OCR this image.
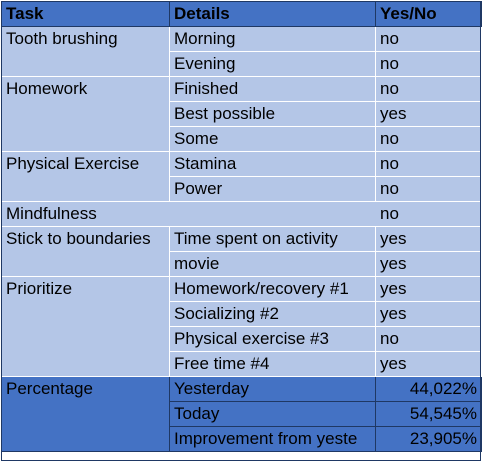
Task	Details	Yes/No
Tooth brushing	Morning	no
	Evening	no
Homework	Finished	no
	Best possible	yes
	Some	no
Physical Exercise	Stamina	no
	Power	no
Mindfulness		no
Stick to boundaries	Time spent on activity	yes
	movie	yes
Prioritize	Homework/recovery #1	yes
	Socializing #2	yes
	Physical exercise #3	no
	Free time #4	yes
Percentage	Yesterday	44,022%
	Today	54,545%
	Improvement from yeste	23,905%
